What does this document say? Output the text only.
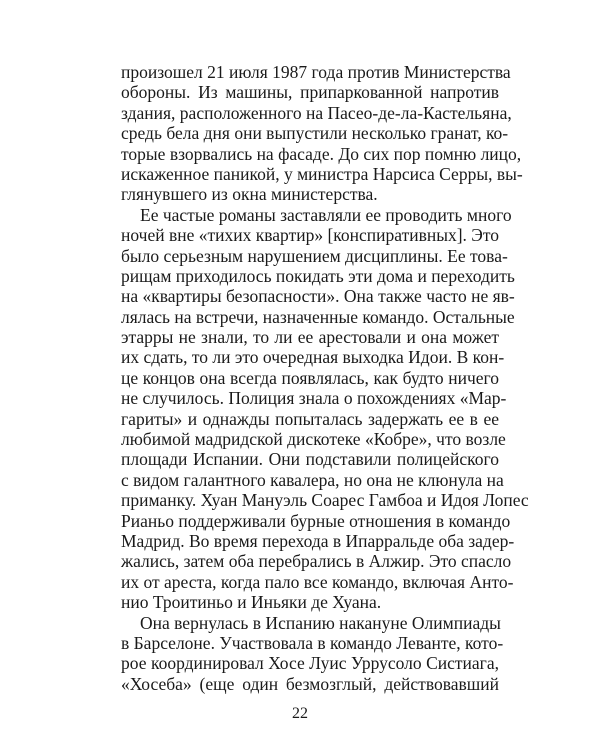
произошел 21 июля 1987 года против Министерства
обороны. Из машины, припаркованной напротив
здания, расположенного на Пасео-де-ла-Кастельяна,
средь бела дня они выпустили несколько гранат, ко-
торые взорвались на фасаде. До сих пор помню лицо,
искаженное паникой, у министра Нарсиса Серры, вы-
глянувшего из окна министерства.
Ее частые романы заставляли ее проводить много
ночей вне «тихих квартир» [конспиративных]. Это
было серьезным нарушением дисциплины. Ее това-
рищам приходилось покидать эти дома и переходить
на «квартиры безопасности». Она также часто не яв-
лялась на встречи, назначенные командо. Остальные
этарры не знали, то ли ее арестовали и она может
их сдать, то ли это очередная выходка Идои. В кон-
це концов она всегда появлялась, как будто ничего
не случилось. Полиция знала о похождениях «Мар-
гариты» и однажды попыталась задержать ее в ее
любимой мадридской дискотеке «Кобре», что возле
площади Испании. Они подставили полицейского
с видом галантного кавалера, но она не клюнула на
приманку. Хуан Мануэль Соарес Гамбоа и Идоя Лопес
Рианьо поддерживали бурные отношения в командо
Мадрид. Во время перехода в Ипарральде оба задер-
жались, затем оба перебрались в Алжир. Это спасло
их от ареста, когда пало все командо, включая Анто-
нио Троитиньо и Иньяки де Хуана.
Она вернулась в Испанию накануне Олимпиады
в Барселоне. Участвовала в командо Леванте, кото-
рое координировал Хосе Луис Уррусоло Систиага,
«Хосеба» (еще один безмозглый, действовавший
22
